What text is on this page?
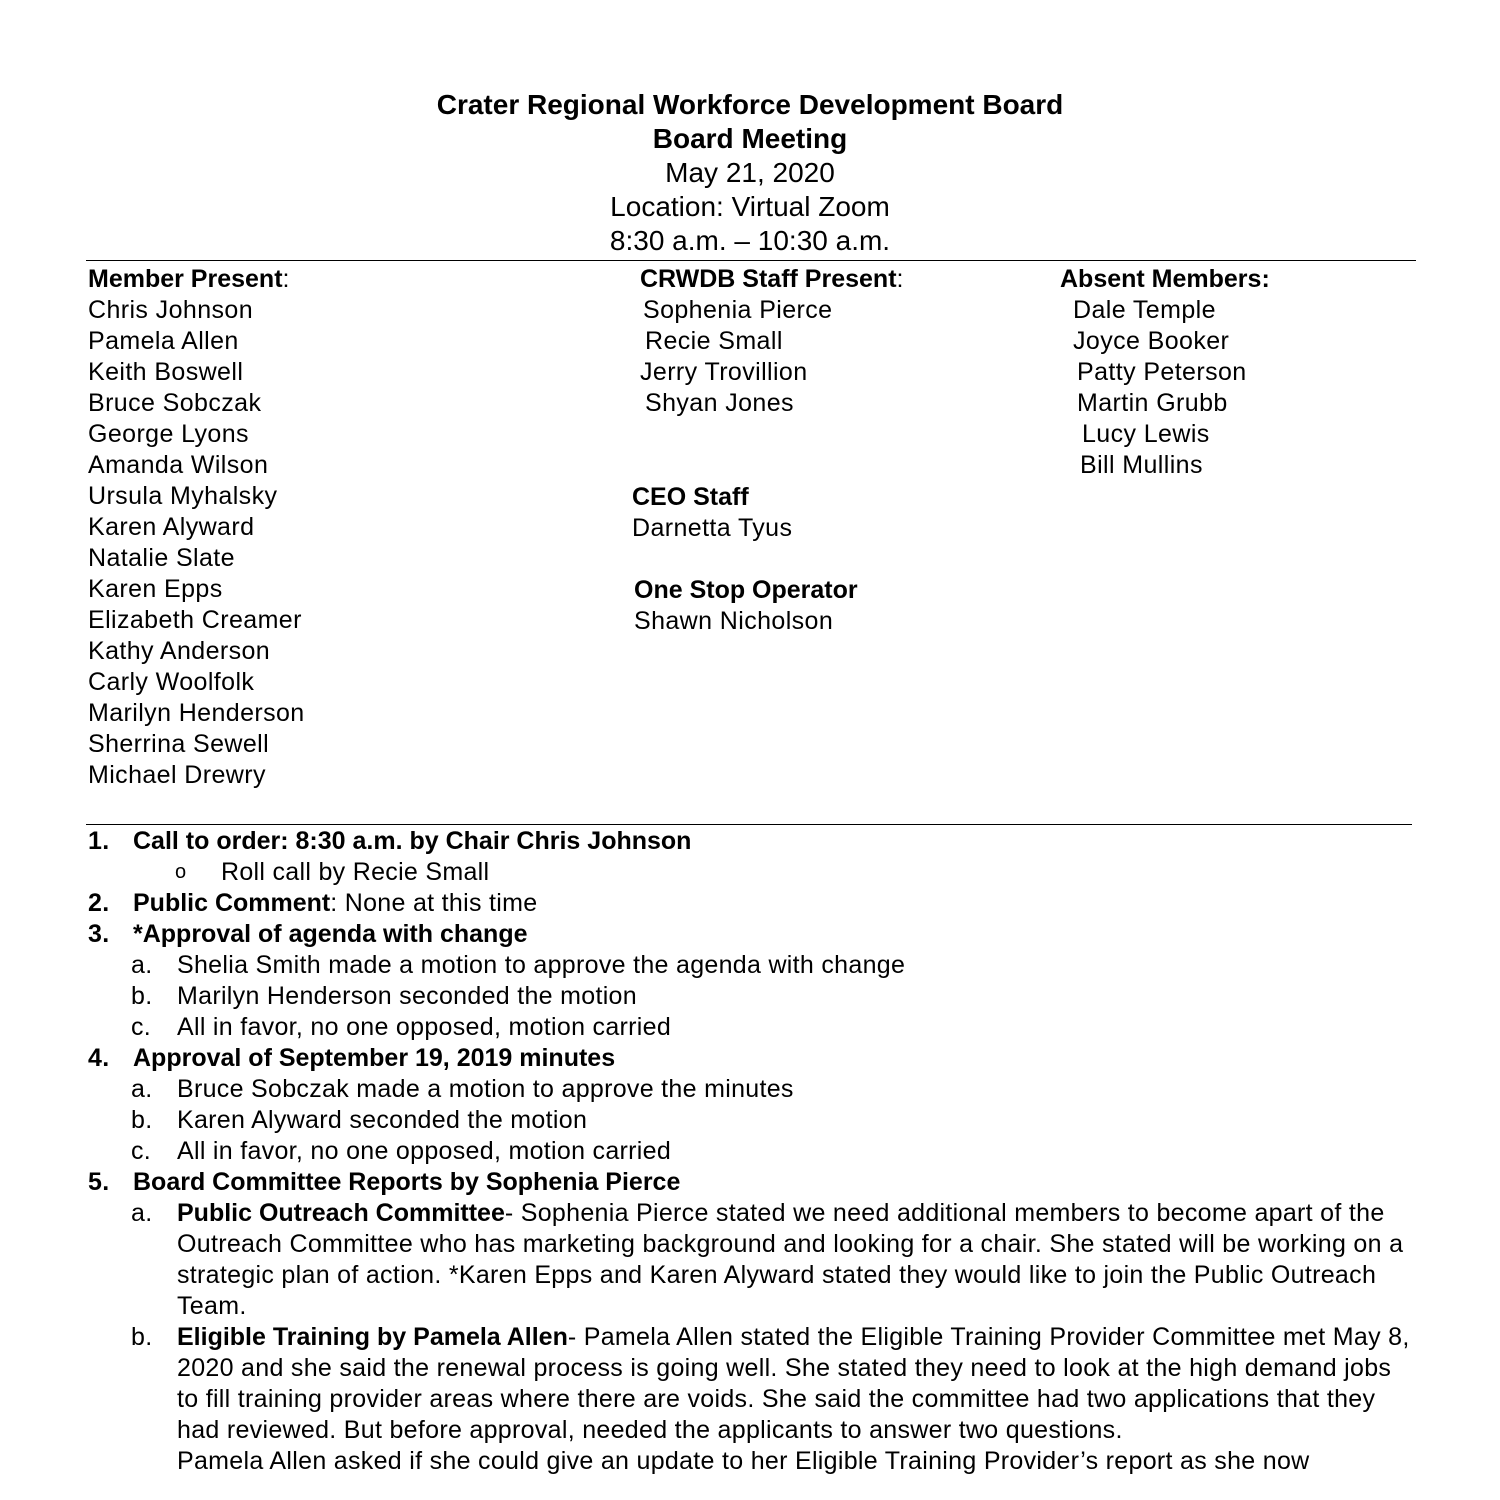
Crater Regional Workforce Development Board
Board Meeting
May 21, 2020
Location: Virtual Zoom
8:30 a.m. – 10:30 a.m.
Member Present:
Chris Johnson
Pamela Allen
Keith Boswell
Bruce Sobczak
George Lyons
Amanda Wilson
Ursula Myhalsky
Karen Alyward
Natalie Slate
Karen Epps
Elizabeth Creamer
Kathy Anderson
Carly Woolfolk
Marilyn Henderson
Sherrina Sewell
Michael Drewry
CRWDB Staff Present:
Sophenia Pierce
Recie Small
Jerry Trovillion
Shyan Jones
CEO Staff
Darnetta Tyus
One Stop Operator
Shawn Nicholson
Absent Members:
Dale Temple
Joyce Booker
Patty Peterson
Martin Grubb
Lucy Lewis
Bill Mullins
1. Call to order: 8:30 a.m. by Chair Chris Johnson
o Roll call by Recie Small
2. Public Comment: None at this time
3. *Approval of agenda with change
a. Shelia Smith made a motion to approve the agenda with change
b. Marilyn Henderson seconded the motion
c. All in favor, no one opposed, motion carried
4. Approval of September 19, 2019 minutes
a. Bruce Sobczak made a motion to approve the minutes
b. Karen Alyward seconded the motion
c. All in favor, no one opposed, motion carried
5. Board Committee Reports by Sophenia Pierce
a. Public Outreach Committee- Sophenia Pierce stated we need additional members to become apart of the Outreach Committee who has marketing background and looking for a chair. She stated will be working on a strategic plan of action. *Karen Epps and Karen Alyward stated they would like to join the Public Outreach Team.
b. Eligible Training by Pamela Allen- Pamela Allen stated the Eligible Training Provider Committee met May 8, 2020 and she said the renewal process is going well. She stated they need to look at the high demand jobs to fill training provider areas where there are voids. She said the committee had two applications that they had reviewed. But before approval, needed the applicants to answer two questions.
Pamela Allen asked if she could give an update to her Eligible Training Provider’s report as she now
